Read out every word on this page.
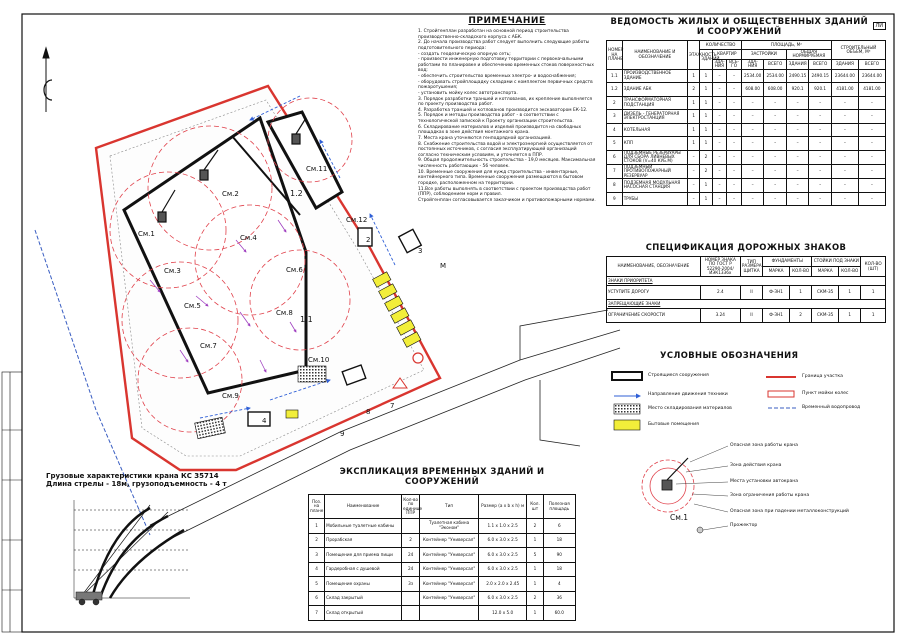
См.1
См.2
См.3
См.4
См.5
См.6
См.7
См.8
См.9
См.10
См.11
См.12
1.2
1.1
2
3
4
7
8
9
М
См.1
ПРИМЕЧАНИЕ

1. Стройгенплан разработан на основной период строительства производственно-складского корпуса с АБК.

2. До начала производства работ следует выполнить следующие работы подготовительного периода:

- создать геодезическую опорную сеть;

- произвести инженерную подготовку территории с первоначальными работами по планировке и обеспечению временных стоков поверхностных вод;

- обеспечить строительство временных электро- и водоснабжения;

- оборудовать стройплощадку складами с комплектом первичных средств пожаротушения;

- установить мойку колес автотранспорта.

3. Порядок разработки траншей и котлованов, их крепление выполняется по проекту производства работ.

4. Разработка траншей и котлованов производится экскаватором ЕК-12.

5. Порядок и методы производства работ - в соответствии с технологической запиской к Проекту организации строительства.

6. Складирование материалов и изделий производится на свободных площадках в зоне действия монтажного крана.

7. Места крана уточняются генподрядной организацией.

8. Снабжение строительства водой и электроэнергией осуществляется от постоянных источников, с согласия эксплуатирующей организаций согласно техническим условиям, и уточняется в ППР.

9. Общая продолжительность строительства - 19,0 месяцев. Максимальная численность работающих - 56 человек.

10. Временные сооружения для нужд строительства - инвентарные, контейнерного типа. Временные сооружения размещаются в бытовом городке, расположенном на территории.

11.Все работы выполнять в соответствии с проектом производства работ (ППР), соблюдением норм и правил.

Стройгенплан согласовывается заказчиком и противопожарными нормами.

ВЕДОМОСТЬ ЖИЛЫХ И ОБЩЕСТВЕННЫХ ЗДАНИЙ И СООРУЖЕНИЙ	ЛИ
НОМЕР НА ПЛАНЕ	НАИМЕНОВАНИЕ И ОБОЗНАЧЕНИЕ	ЭТАЖНОСТЬ	КОЛИЧЕСТВО			ПЛОЩАДЬ, М²				СТРОИТЕЛЬНЫЙ ОБЪЕМ, М³	
			ЗДАНИЙ	КВАРТИР		ЗАСТРОЙКИ		ОБЩАЯ НОРМИРУЕМАЯ			
				ЗДА-НИЯ	ВСЕ-ГО	ЗДА-НИЯ	ВСЕГО	ЗДАНИЯ	ВСЕГО	ЗДАНИЯ	ВСЕГО
1.1	ПРОИЗВОДСТВЕННОЕ ЗДАНИЕ	1	1	–	–	2534.00	2534.00	2490.15	2490.15	23644.00	23644.00
1.2	ЗДАНИЕ АБК	2	1	–	–	608.00	608.00	920.1	920.1	4181.00	4181.00
2	ТРАНСФОРМАТОРНАЯ ПОДСТАНЦИЯ	1	1	–	–	–	–	–	–	–	–
3	ДИЗЕЛЬ - ГЕНЕРАТОРНАЯ ЭЛЕКТРОСТАНЦИЯ	1	1	–	–	–	–	–	–	–	–
4	КОТЕЛЬНАЯ	1	1	–	–	–	–	–	–	–	–
5	КПП	1	1	–	–	–	–	–	–	–	–
6	ПОДЗЕМНЫЕ РЕЗЕРВУАРЫ ДЛЯ СБОРА ЛИВНЕВЫХ СТОКОВ (V=40 КУБ.М)	–	2	–	–	–	–	–	–	–	–
7	ПОДЗЕМНЫЙ ПРОТИВОПОЖАРНЫЙ РЕЗЕРВУАР	–	2	–	–	–	–	–	–	–	–
8	ПОДЗЕМНАЯ МОДУЛЬНАЯ НАСОСНАЯ СТАНЦИЯ	–	1	–	–	–	–	–	–	–	–
9	ТРУБЫ	–	1	–	–	–	–	–	–	–	–
СПЕЦИФИКАЦИЯ ДОРОЖНЫХ ЗНАКОВ
НАИМЕНОВАНИЕ, ОБОЗНАЧЕНИЕ	НОМЕР ЗНАКА ПО ГОСТ Р 52290-2004/ИЭК1336x	ТИП РАЗМЕРА ЩИТКА	ФУНДАМЕНТЫ		СТОЙКИ ПОД ЗНАКИ		КОЛ-ВО (ШТ)
			МАРКА	КОЛ-ВО	МАРКА	КОЛ-ВО	
ЗНАКИ ПРИОРИТЕТА							
УСТУПИТЕ ДОРОГУ	2.4	II	Ф-ЗН1	1	СКМ-35	1	1
ЗАПРЕЩАЮЩИЕ ЗНАКИ							
ОГРАНИЧЕНИЕ СКОРОСТИ	3.24	II	Ф-ЗН1	2	СКМ-35	1	1
УСЛОВНЫЕ ОБОЗНАЧЕНИЯ
Строящиеся сооружения
Направление движения техники
Место складирования материалов
Бытовые помещения
Граница участка
Пункт мойки колес
Временный водопровод
Опасная зона работы крана
Зона действия крана
Места установки автокрана
Зона ограничения работы крана
Опасная зона при падении металлоконструкций
Прожектор
Грузовые характеристики крана КС 35714
Длина стрелы - 18м, грузоподъемность - 4 т
ЭКСПЛИКАЦИЯ ВРЕМЕННЫХ ЗДАНИЙ И СООРУЖЕНИЙ
Поз. на плане	Наименование	Кол-во по единице ППР	Тип	Размер (a x b x h) м	Кол. шт	Полезная площадь
1	Мобильные туалетные кабины		Туалетная кабина "Эконом"	1.1 x 1.0 x 2.5	2	6
2	Прорабская	2	Контейнер "Универсал"	6.0 x 3.0 x 2.5	1	18
3	Помещение для приема пищи	24	Контейнер "Универсал"	6.0 x 3.0 x 2.5	5	90
4	Гардеробная с душевой	24	Контейнер "Универсал"	6.0 x 3.0 x 2.5	1	18
5	Помещение охраны	3з	Контейнер "Универсал"	2.0 x 2.0 x 2.45	1	4
6	Склад закрытый		Контейнер "Универсал"	6.0 x 3.0 x 2.5	2	36
7	Склад открытый			12.0 x 5.0	1	60.0
